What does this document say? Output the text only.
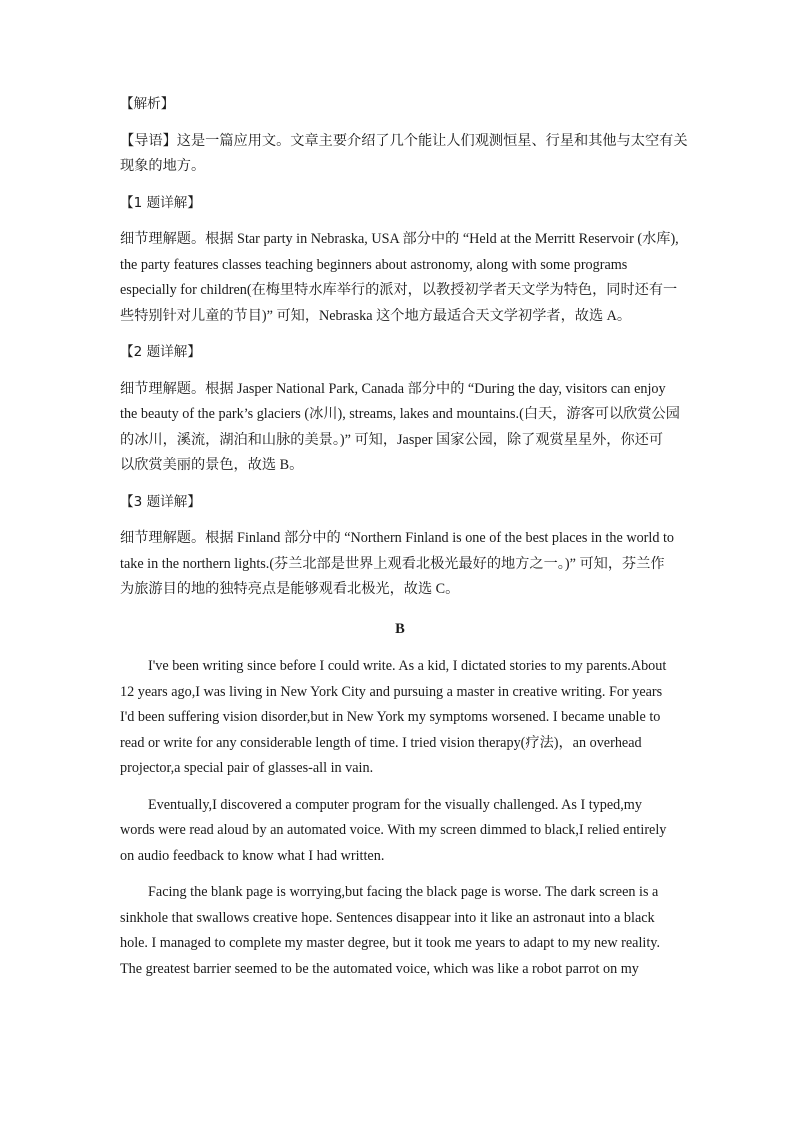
【解析】
【导语】这是一篇应用文。文章主要介绍了几个能让人们观测恒星、行星和其他与太空有关
现象的地方。
【1 题详解】
细节理解题。根据 Star party in Nebraska, USA 部分中的 “Held at the Merritt Reservoir (水库),
the party features classes teaching beginners about astronomy, along with some programs
especially for children(在梅里特水库举行的派对，以教授初学者天文学为特色，同时还有一
些特别针对儿童的节目)” 可知，Nebraska 这个地方最适合天文学初学者，故选 A。
【2 题详解】
细节理解题。根据 Jasper National Park, Canada 部分中的 “During the day, visitors can enjoy
the beauty of the park’s glaciers (冰川), streams, lakes and mountains.(白天，游客可以欣赏公园
的冰川，溪流，湖泊和山脉的美景。)” 可知，Jasper 国家公园，除了观赏星星外，你还可
以欣赏美丽的景色，故选 B。
【3 题详解】
细节理解题。根据 Finland 部分中的 “Northern Finland is one of the best places in the world to
take in the northern lights.(芬兰北部是世界上观看北极光最好的地方之一。)” 可知，芬兰作
为旅游目的地的独特亮点是能够观看北极光，故选 C。
B
I've been writing since before I could write. As a kid, I dictated stories to my parents.About
12 years ago,I was living in New York City and pursuing a master in creative writing. For years
I'd been suffering vision disorder,but in New York my symptoms worsened. I became unable to
read or write for any considerable length of time. I tried vision therapy(疗法)，an overhead
projector,a special pair of glasses-all in vain.
Eventually,I discovered a computer program for the visually challenged. As I typed,my
words were read aloud by an automated voice. With my screen dimmed to black,I relied entirely
on audio feedback to know what I had written.
Facing the blank page is worrying,but facing the black page is worse. The dark screen is a
sinkhole that swallows creative hope. Sentences disappear into it like an astronaut into a black
hole. I managed to complete my master degree, but it took me years to adapt to my new reality.
The greatest barrier seemed to be the automated voice, which was like a robot parrot on my
